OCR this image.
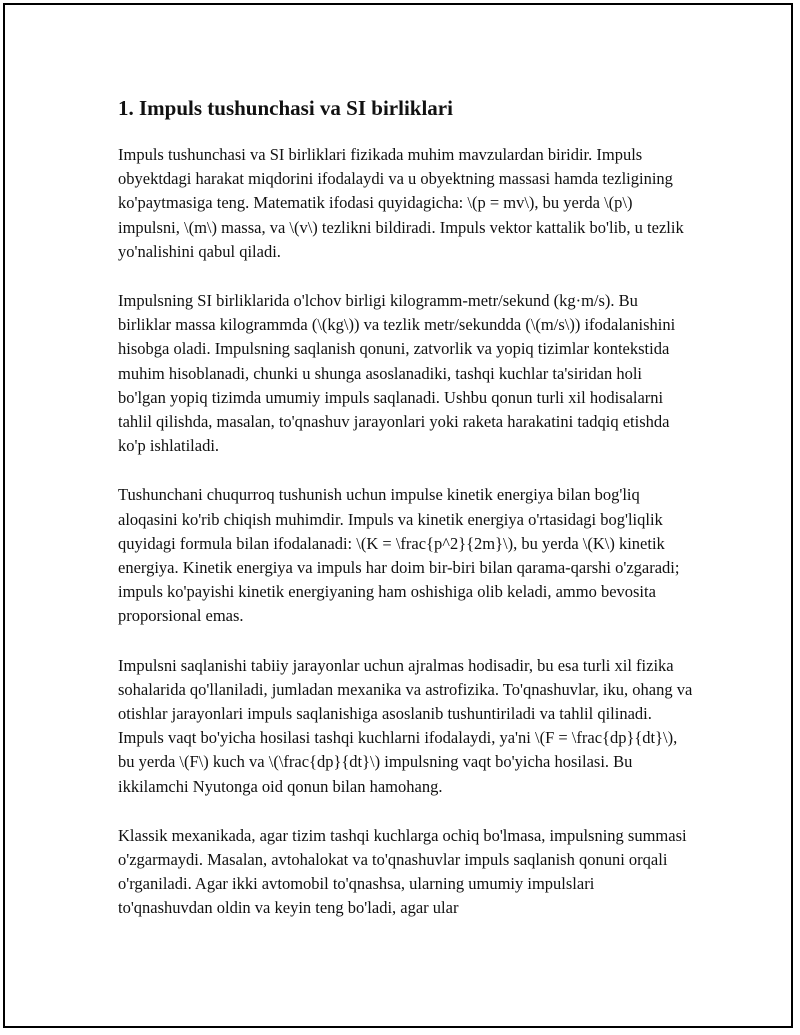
1. Impuls tushunchasi va SI birliklari

Impuls tushunchasi va SI birliklari fizikada muhim mavzulardan biridir. Impuls obyektdagi harakat miqdorini ifodalaydi va u obyektning massasi hamda tezligining ko'paytmasiga teng. Matematik ifodasi quyidagicha: \(p = mv\), bu yerda \(p\) impulsni, \(m\) massa, va \(v\) tezlikni bildiradi. Impuls vektor kattalik bo'lib, u tezlik yo'nalishini qabul qiladi.

Impulsning SI birliklarida o'lchov birligi kilogramm-metr/sekund (kg·m/s). Bu birliklar massa kilogrammda (\(kg\)) va tezlik metr/sekundda (\(m/s\)) ifodalanishini hisobga oladi. Impulsning saqlanish qonuni, zatvorlik va yopiq tizimlar kontekstida muhim hisoblanadi, chunki u shunga asoslanadiki, tashqi kuchlar ta'siridan holi bo'lgan yopiq tizimda umumiy impuls saqlanadi. Ushbu qonun turli xil hodisalarni tahlil qilishda, masalan, to'qnashuv jarayonlari yoki raketa harakatini tadqiq etishda ko'p ishlatiladi.

Tushunchani chuqurroq tushunish uchun impulse kinetik energiya bilan bog'liq aloqasini ko'rib chiqish muhimdir. Impuls va kinetik energiya o'rtasidagi bog'liqlik quyidagi formula bilan ifodalanadi: \(K = \frac{p^2}{2m}\), bu yerda \(K\) kinetik energiya. Kinetik energiya va impuls har doim bir-biri bilan qarama-qarshi o'zgaradi; impuls ko'payishi kinetik energiyaning ham oshishiga olib keladi, ammo bevosita proporsional emas.

Impulsni saqlanishi tabiiy jarayonlar uchun ajralmas hodisadir, bu esa turli xil fizika sohalarida qo'llaniladi, jumladan mexanika va astrofizika. To'qnashuvlar, iku, ohang va otishlar jarayonlari impuls saqlanishiga asoslanib tushuntiriladi va tahlil qilinadi. Impuls vaqt bo'yicha hosilasi tashqi kuchlarni ifodalaydi, ya'ni \(F = \frac{dp}{dt}\), bu yerda \(F\) kuch va \(\frac{dp}{dt}\) impulsning vaqt bo'yicha hosilasi. Bu ikkilamchi Nyutonga oid qonun bilan hamohang.

Klassik mexanikada, agar tizim tashqi kuchlarga ochiq bo'lmasa, impulsning summasi o'zgarmaydi. Masalan, avtohalokat va to'qnashuvlar impuls saqlanish qonuni orqali o'rganiladi. Agar ikki avtomobil to'qnashsa, ularning umumiy impulslari to'qnashuvdan oldin va keyin teng bo'ladi, agar ular
